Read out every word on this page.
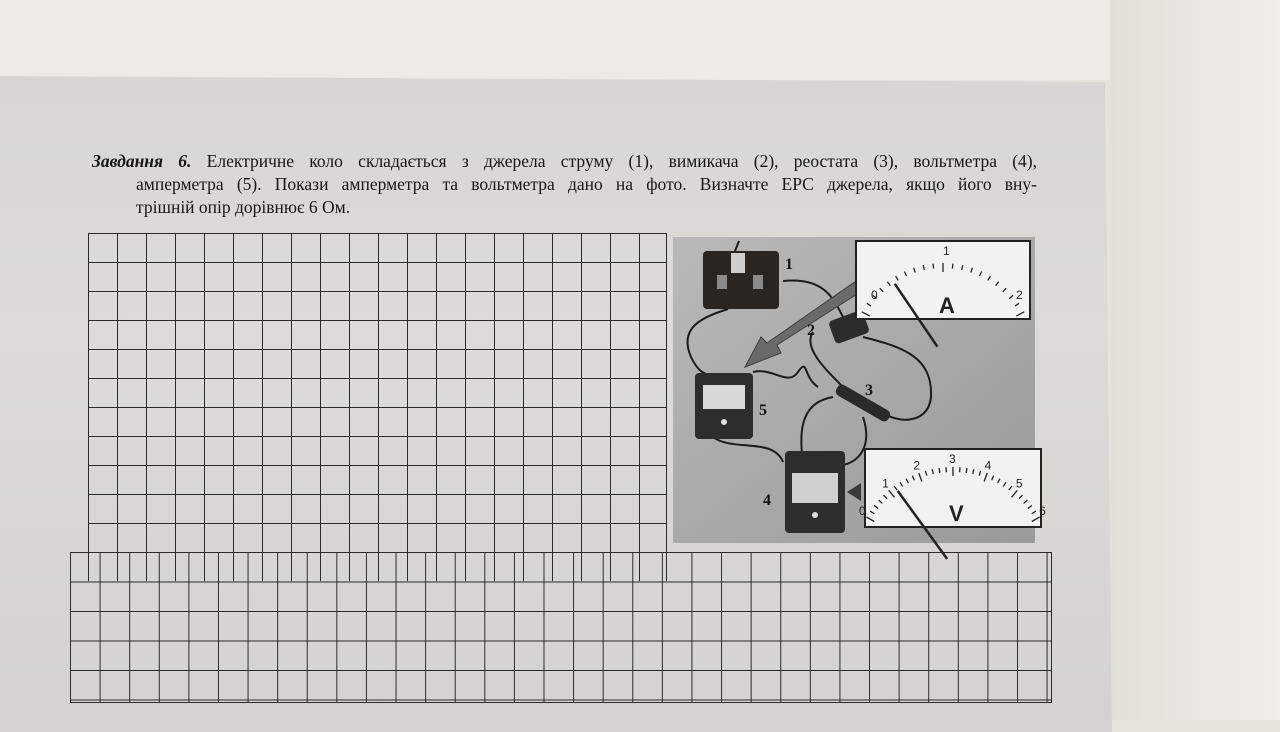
Завдання 6. Електричне коло складається з джерела струму (1), вимикача (2), реостата (3), вольтметра (4),
амперметра (5). Покази амперметра та вольтметра дано на фото. Визначте ЕРС джерела, якщо його вну-
трішній опір дорівнює 6 Ом.
1
2
3
4
5
0
1
2
A
0
1
2 3 4
5
6
V
